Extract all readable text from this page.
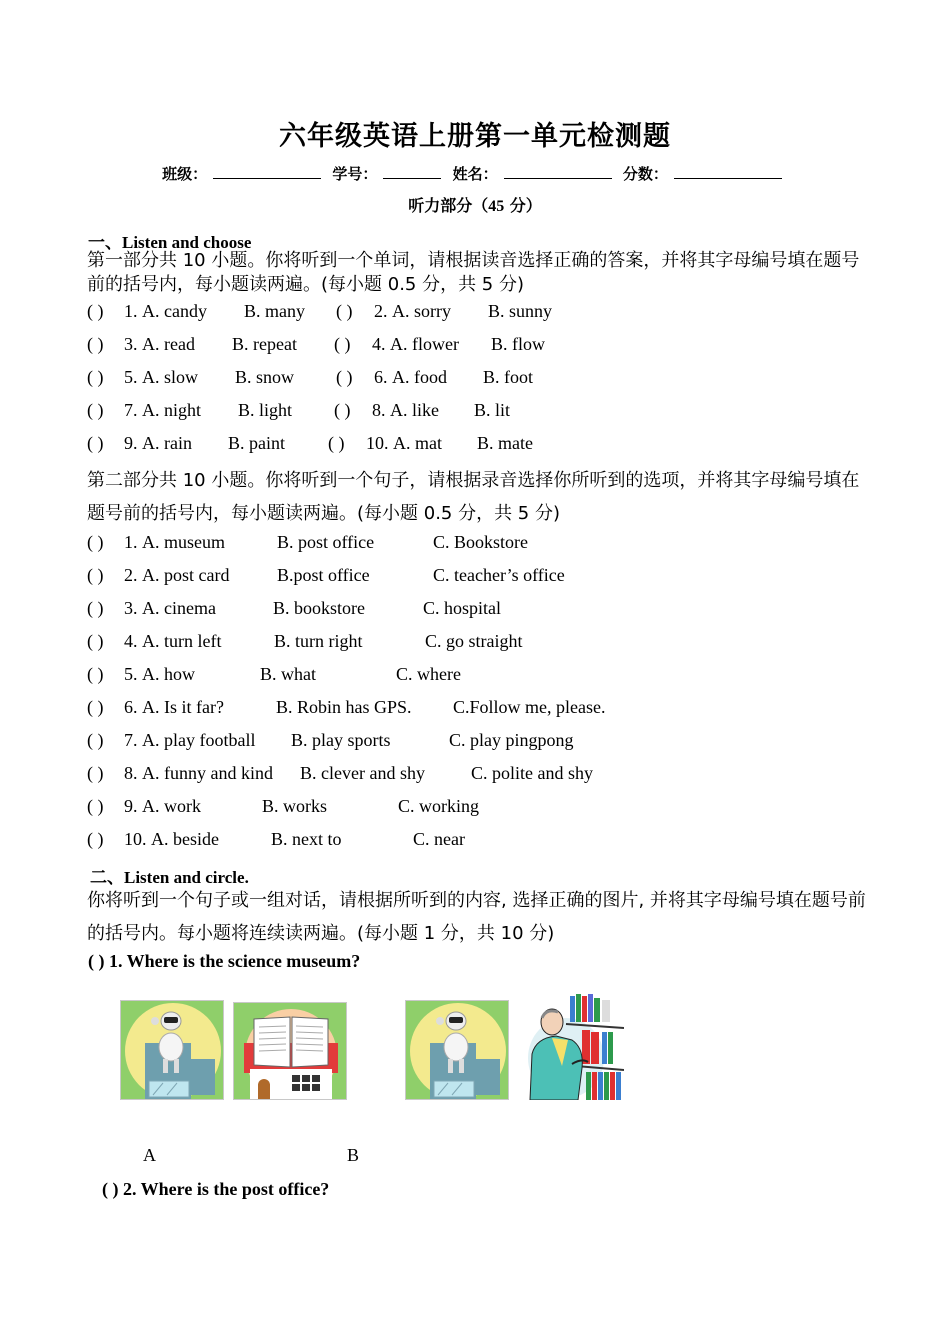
六年级英语上册第一单元检测题
班级：	学号：	姓名：	分数：
听力部分（45 分）
一、Listen and choose
第一部分共 10 小题。你将听到一个单词，请根据读音选择正确的答案，并将其字母编号填在题号前的括号内，每小题读两遍。(每小题 0.5 分，共 5 分)
( ) 1. A. candy B. many ( ) 2. A. sorry B. sunny
( ) 3. A. read B. repeat ( ) 4. A. flower B. flow
( ) 5. A. slow B. snow ( ) 6. A. food B. foot
( ) 7. A. night B. light ( ) 8. A. like B. lit
( ) 9. A. rain B. paint ( ) 10. A. mat B. mate
第二部分共 10 小题。你将听到一个句子，请根据录音选择你所听到的选项，并将其字母编号填在题号前的括号内，每小题读两遍。(每小题 0.5 分，共 5 分)
( ) 1. A. museum	B. post office	C. Bookstore
( ) 2. A. post card	B.post office	C. teacher’s office
( ) 3. A. cinema	B. bookstore	C. hospital
( ) 4. A. turn left	B. turn right	C. go straight
( ) 5. A. how	B. what	C. where
( ) 6. A. Is it far?	B. Robin has GPS. C.Follow me, please.
( ) 7. A. play football B. play sports	C. play pingpong
( ) 8. A. funny and kind B. clever and shy	C. polite and shy
( ) 9. A. work	B. works	C. working
( ) 10. A. beside	B. next to	C. near
二、Listen and circle.
你将听到一个句子或一组对话，请根据所听到的内容, 选择正确的图片, 并将其字母编号填在题号前的括号内。每小题将连续读两遍。(每小题 1 分，共 10 分)
( ) 1. Where is the science museum?
A	B
( ) 2. Where is the post office?
